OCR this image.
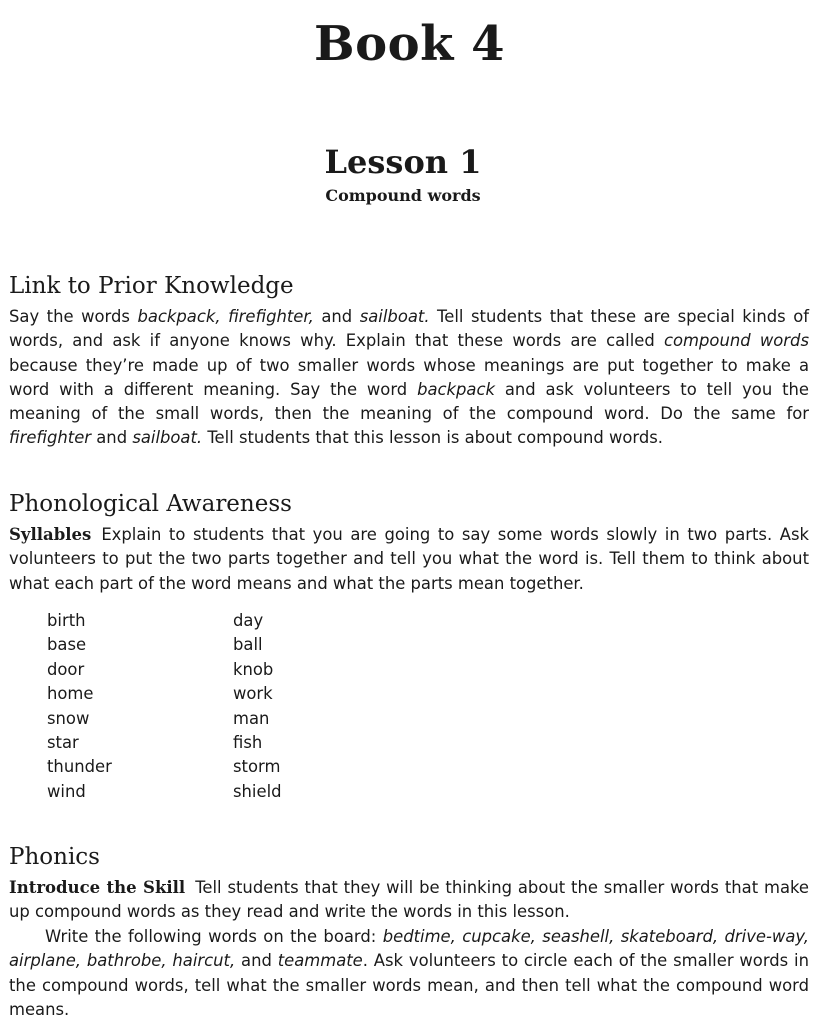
Book 4
Lesson 1
Compound words
Link to Prior Knowledge
Say the words backpack, firefighter, and sailboat. Tell students that these are special kinds of words, and ask if anyone knows why. Explain that these words are called compound words because they’re made up of two smaller words whose meanings are put together to make a word with a different meaning. Say the word backpack and ask volunteers to tell you the meaning of the small words, then the meaning of the compound word. Do the same for firefighter and sailboat. Tell students that this lesson is about compound words.
Phonological Awareness
Syllables Explain to students that you are going to say some words slowly in two parts. Ask volunteers to put the two parts together and tell you what the word is. Tell them to think about what each part of the word means and what the parts mean together.
birth	day
base	ball
door	knob
home	work
snow	man
star	fish
thunder	storm
wind	shield
Phonics
Introduce the Skill Tell students that they will be thinking about the smaller words that make up compound words as they read and write the words in this lesson.
Write the following words on the board: bedtime, cupcake, seashell, skateboard, drive-way, airplane, bathrobe, haircut, and teammate. Ask volunteers to circle each of the smaller words in the compound words, tell what the smaller words mean, and then tell what the compound word means.
